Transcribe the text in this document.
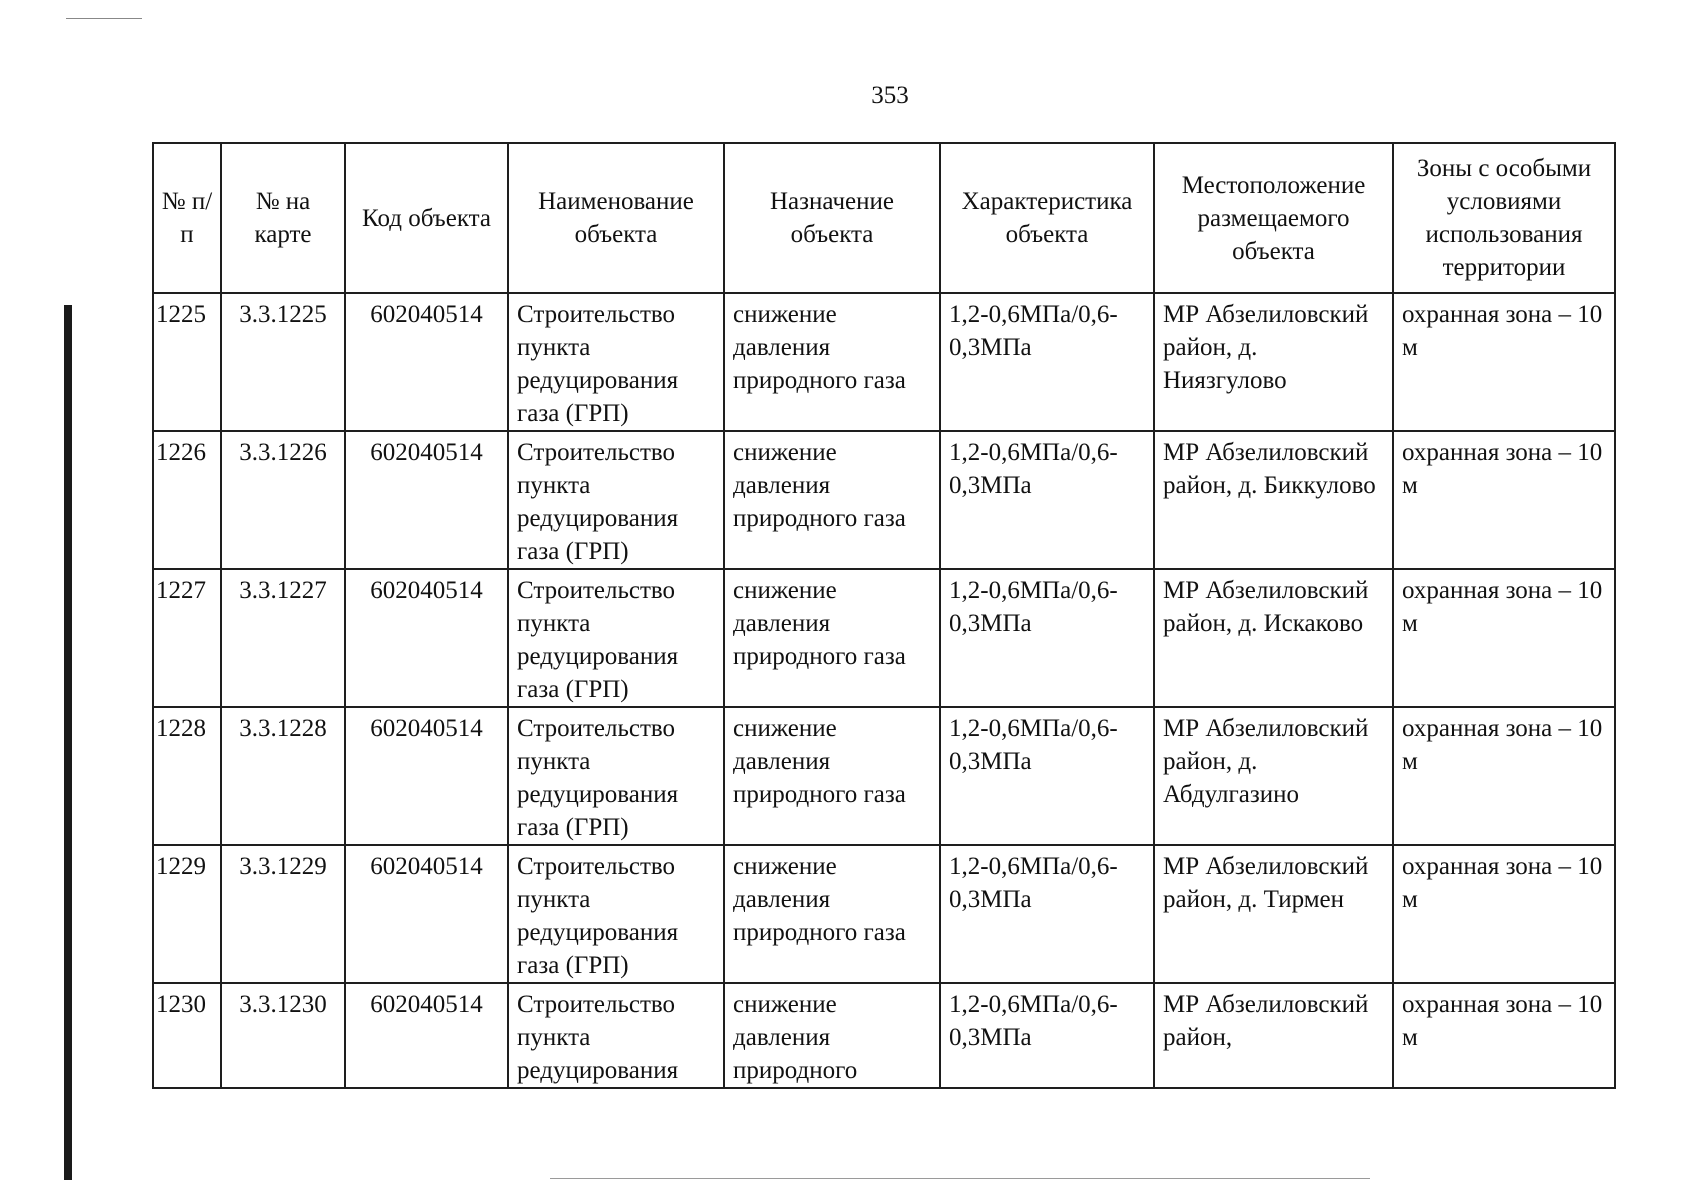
353
№ п/п	№ на карте	Код объекта	Наименование объекта	Назначение объекта	Характеристика объекта	Местоположение размещаемого объекта	Зоны с особыми условиями использования территории
1225	3.3.1225	602040514	Строительство пункта редуцирования газа (ГРП)	снижение давления природного газа	1,2-0,6МПа/0,6-0,3МПа	МР Абзелиловский район, д. Ниязгулово	охранная зона – 10 м
1226	3.3.1226	602040514	Строительство пункта редуцирования газа (ГРП)	снижение давления природного газа	1,2-0,6МПа/0,6-0,3МПа	МР Абзелиловский район, д. Биккулово	охранная зона – 10 м
1227	3.3.1227	602040514	Строительство пункта редуцирования газа (ГРП)	снижение давления природного газа	1,2-0,6МПа/0,6-0,3МПа	МР Абзелиловский район, д. Искаково	охранная зона – 10 м
1228	3.3.1228	602040514	Строительство пункта редуцирования газа (ГРП)	снижение давления природного газа	1,2-0,6МПа/0,6-0,3МПа	МР Абзелиловский район, д. Абдулгазино	охранная зона – 10 м
1229	3.3.1229	602040514	Строительство пункта редуцирования газа (ГРП)	снижение давления природного газа	1,2-0,6МПа/0,6-0,3МПа	МР Абзелиловский район, д. Тирмен	охранная зона – 10 м
1230	3.3.1230	602040514	Строительство пункта редуцирования	снижение давления природного	1,2-0,6МПа/0,6-0,3МПа	МР Абзелиловский район,	охранная зона – 10 м
